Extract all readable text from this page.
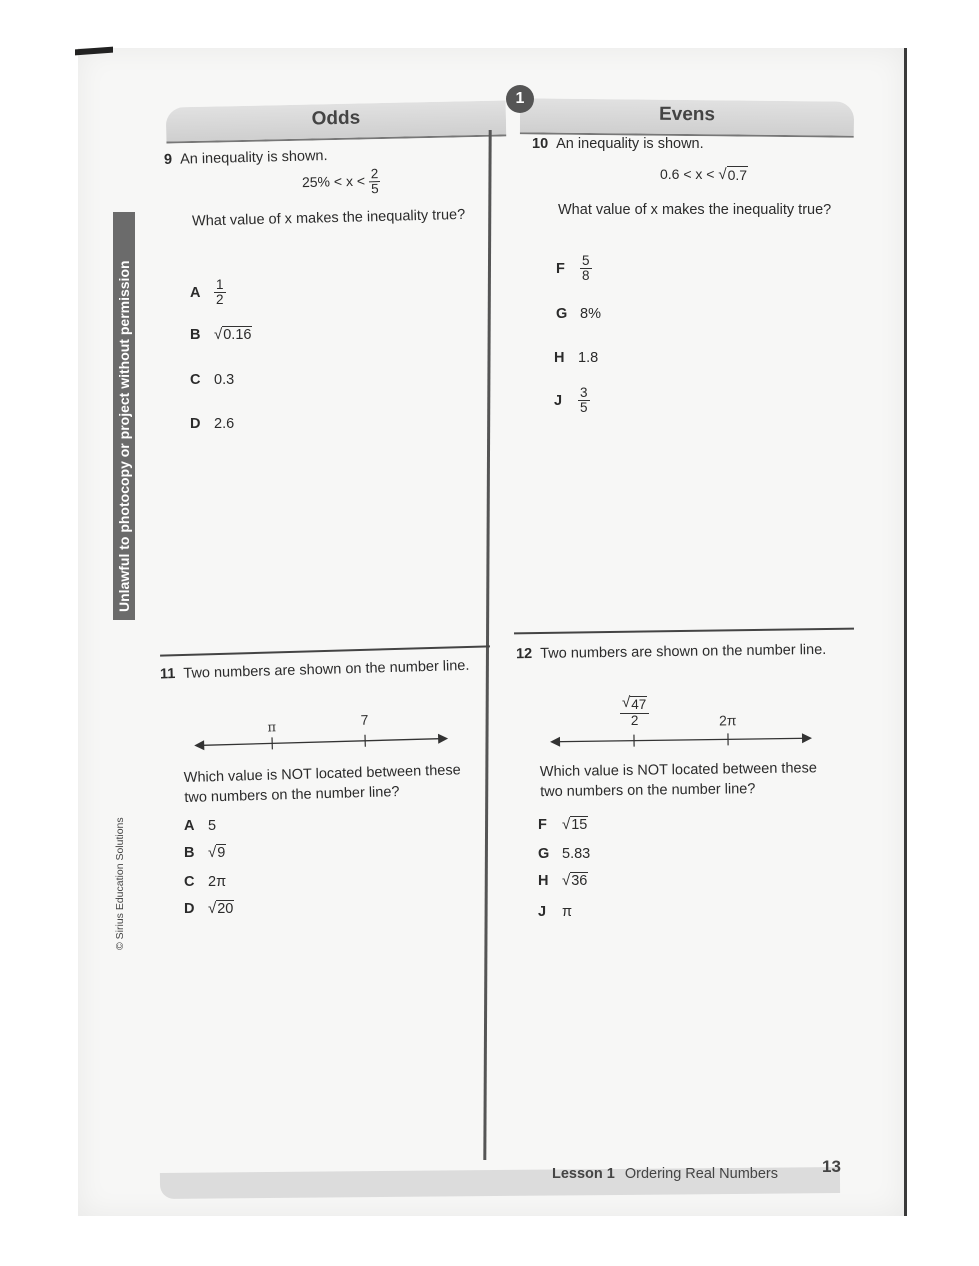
Unlawful to photocopy or project without permission
© Sirius Education Solutions
Odds	Evens
1
9 An inequality is shown.
$25\% < x < \frac{2}{5}$
What value of x makes the inequality true?
A	$\frac{1}{2}$
B √ 0.16
C 0.3
D 2.6
10 An inequality is shown.
0.6 < x < √ 0.7
What value of x makes the inequality true?
F	$\frac{5}{8}$
G 8%
H 1.8
J	$\frac{3}{5}$
11 Two numbers are shown on the number line.
π	7
Which value is NOT located between these two numbers on the number line?
A 5
B √ 9
C 2π
D √ 20
12 Two numbers are shown on the number line.
$\frac{√ 47}{2}$	2π
Which value is NOT located between these two numbers on the number line?
F	√ 15
G 5.83
H √ 36
J	π
Lesson 1 Ordering Real Numbers	13
